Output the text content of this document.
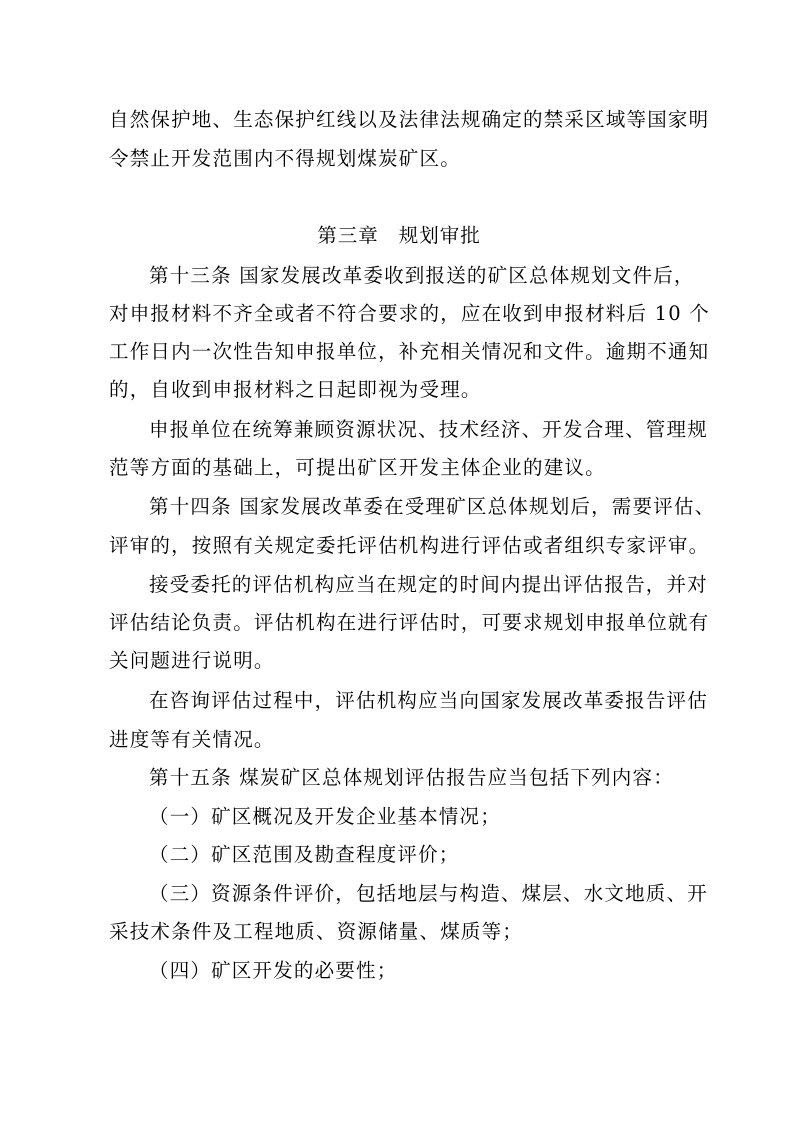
自然保护地、生态保护红线以及法律法规确定的禁采区域等国家明
令禁止开发范围内不得规划煤炭矿区。
第三章 规划审批
第十三条 国家发展改革委收到报送的矿区总体规划文件后，
对申报材料不齐全或者不符合要求的，应在收到申报材料后 10 个
工作日内一次性告知申报单位，补充相关情况和文件。逾期不通知
的，自收到申报材料之日起即视为受理。
申报单位在统筹兼顾资源状况、技术经济、开发合理、管理规
范等方面的基础上，可提出矿区开发主体企业的建议。
第十四条 国家发展改革委在受理矿区总体规划后，需要评估、
评审的，按照有关规定委托评估机构进行评估或者组织专家评审。
接受委托的评估机构应当在规定的时间内提出评估报告，并对
评估结论负责。评估机构在进行评估时，可要求规划申报单位就有
关问题进行说明。
在咨询评估过程中，评估机构应当向国家发展改革委报告评估
进度等有关情况。
第十五条 煤炭矿区总体规划评估报告应当包括下列内容：
（一）矿区概况及开发企业基本情况；
（二）矿区范围及勘查程度评价；
（三）资源条件评价，包括地层与构造、煤层、水文地质、开
采技术条件及工程地质、资源储量、煤质等；
（四）矿区开发的必要性；
